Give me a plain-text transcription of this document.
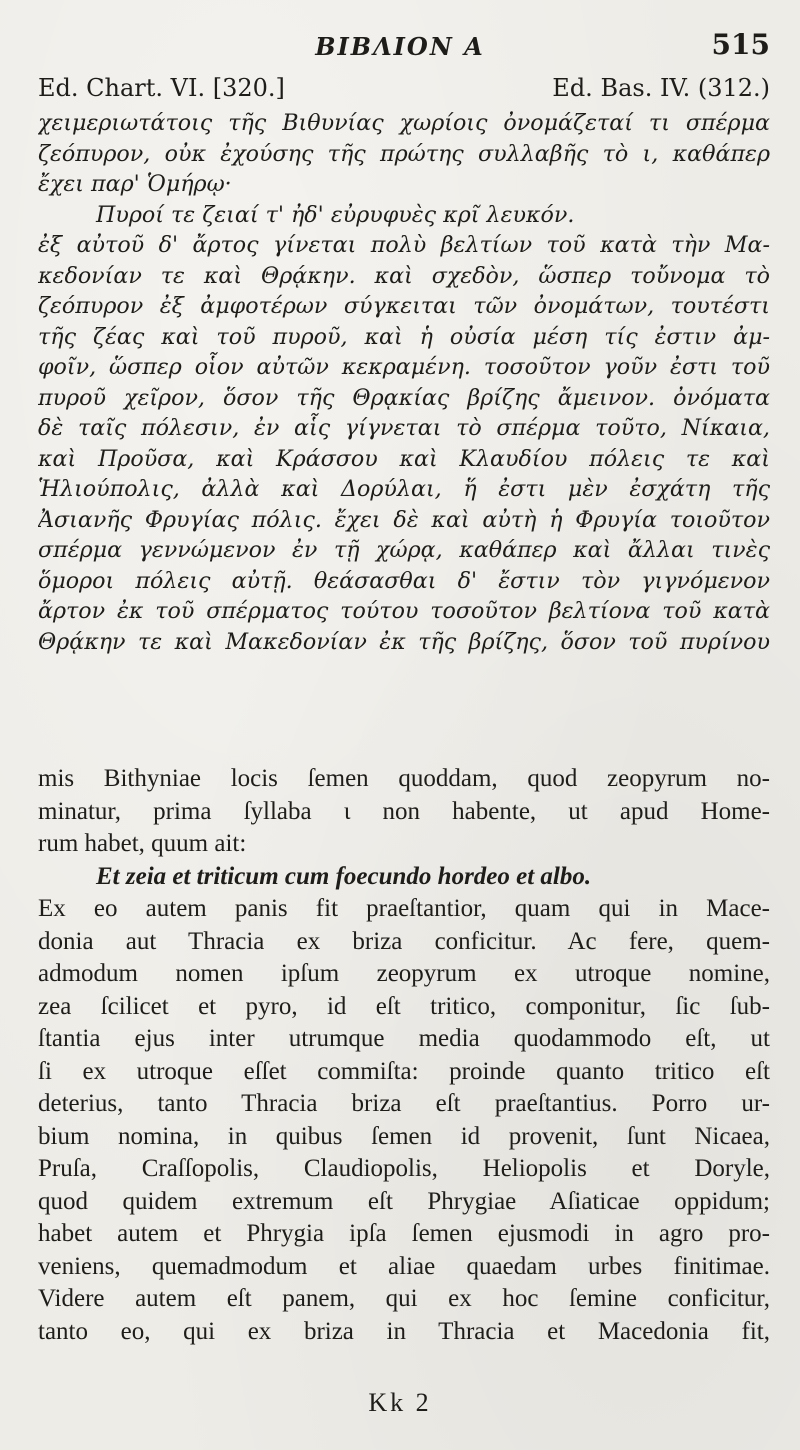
BIBΛΙΟΝ Α	515
Ed. Chart. VI. [320.]	Ed. Bas. IV. (312.)
χειμεριωτάτοις τῆς Βιθυνίας χωρίοις ὀνομάζεταί τι σπέρμα
ζεόπυρον, οὐκ ἐχούσης τῆς πρώτης συλλαβῆς τὸ ι, καθάπερ
ἔχει παρ' Ὁμήρῳ·
Πυροί τε ζειαί τ' ἠδ' εὐρυφυὲς κρῖ λευκόν.
ἐξ αὐτοῦ δ' ἄρτος γίνεται πολὺ βελτίων τοῦ κατὰ τὴν Μα-
κεδονίαν τε καὶ Θρᾴκην. καὶ σχεδὸν, ὥσπερ τοὔνομα τὸ
ζεόπυρον ἐξ ἀμφοτέρων σύγκειται τῶν ὀνομάτων, τουτέστι
τῆς ζέας καὶ τοῦ πυροῦ, καὶ ἡ οὐσία μέση τίς ἐστιν ἀμ-
φοῖν, ὥσπερ οἷον αὐτῶν κεκραμένη. τοσοῦτον γοῦν ἐστι τοῦ
πυροῦ χεῖρον, ὅσον τῆς Θρᾳκίας βρίζης ἄμεινον. ὀνόματα
δὲ ταῖς πόλεσιν, ἐν αἷς γίγνεται τὸ σπέρμα τοῦτο, Νίκαια,
καὶ Προῦσα, καὶ Κράσσου καὶ Κλαυδίου πόλεις τε καὶ
Ἡλιούπολις, ἀλλὰ καὶ Δορύλαι, ἥ ἐστι μὲν ἐσχάτη τῆς
Ἀσιανῆς Φρυγίας πόλις. ἔχει δὲ καὶ αὐτὴ ἡ Φρυγία τοιοῦτον
σπέρμα γεννώμενον ἐν τῇ χώρᾳ, καθάπερ καὶ ἄλλαι τινὲς
ὅμοροι πόλεις αὐτῇ. θεάσασθαι δ' ἔστιν τὸν γιγνόμενον
ἄρτον ἐκ τοῦ σπέρματος τούτου τοσοῦτον βελτίονα τοῦ κατὰ
Θρᾴκην τε καὶ Μακεδονίαν ἐκ τῆς βρίζης, ὅσον τοῦ πυρίνου
mis Bithyniae locis ſemen quoddam, quod zeopyrum no-
minatur, prima ſyllaba ι non habente, ut apud Home-
rum habet, quum ait:
Et zeia et triticum cum foecundo hordeo et albo.
Ex eo autem panis fit praeſtantior, quam qui in Mace-
donia aut Thracia ex briza conficitur. Ac fere, quem-
admodum nomen ipſum zeopyrum ex utroque nomine,
zea ſcilicet et pyro, id eſt tritico, componitur, ſic ſub-
ſtantia ejus inter utrumque media quodammodo eſt, ut
ſi ex utroque eſſet commiſta: proinde quanto tritico eſt
deterius, tanto Thracia briza eſt praeſtantius. Porro ur-
bium nomina, in quibus ſemen id provenit, ſunt Nicaea,
Pruſa, Craſſopolis, Claudiopolis, Heliopolis et Doryle,
quod quidem extremum eſt Phrygiae Aſiaticae oppidum;
habet autem et Phrygia ipſa ſemen ejusmodi in agro pro-
veniens, quemadmodum et aliae quaedam urbes finitimae.
Videre autem eſt panem, qui ex hoc ſemine conficitur,
tanto eo, qui ex briza in Thracia et Macedonia fit,
Kk 2
